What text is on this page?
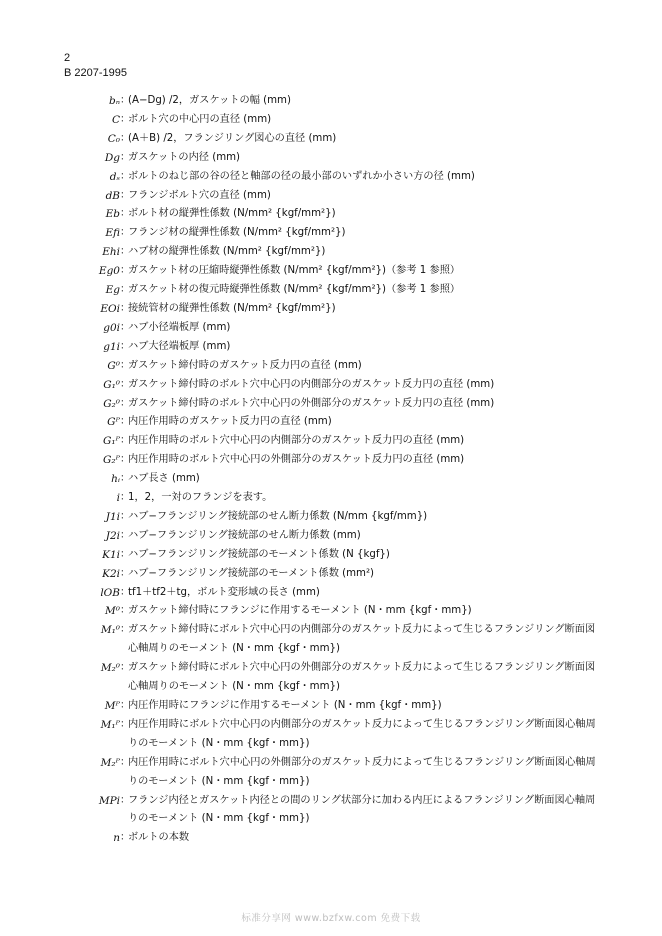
2
B 2207-1995
bₙ ：
(A−Dg) /2，ガスケットの幅 (mm)
C ：
ボルト穴の中心円の直径 (mm)
C₀ ：
(A＋B) /2，フランジリング図心の直径 (mm)
Dg ：
ガスケットの内径 (mm)
dₛ ：
ボルトのねじ部の谷の径と軸部の径の最小部のいずれか小さい方の径 (mm)
dB ：
フランジボルト穴の直径 (mm)
Eb ：
ボルト材の縦弾性係数 (N/mm² {kgf/mm²})
Efi ：
フランジ材の縦弾性係数 (N/mm² {kgf/mm²})
Ehi ：
ハブ材の縦弾性係数 (N/mm² {kgf/mm²})
Eg0 ：
ガスケット材の圧縮時縦弾性係数 (N/mm² {kgf/mm²})（参考 1 参照）
Eg ：
ガスケット材の復元時縦弾性係数 (N/mm² {kgf/mm²})（参考 1 参照）
EOi ：
接続管材の縦弾性係数 (N/mm² {kgf/mm²})
g0i ：
ハブ小径端板厚 (mm)
g1i ：
ハブ大径端板厚 (mm)
G⁰ ：
ガスケット締付時のガスケット反力円の直径 (mm)
G₁⁰ ：
ガスケット締付時のボルト穴中心円の内側部分のガスケット反力円の直径 (mm)
G₂⁰ ：
ガスケット締付時のボルト穴中心円の外側部分のガスケット反力円の直径 (mm)
Gᴾ ：
内圧作用時のガスケット反力円の直径 (mm)
G₁ᴾ ：
内圧作用時のボルト穴中心円の内側部分のガスケット反力円の直径 (mm)
G₂ᴾ ：
内圧作用時のボルト穴中心円の外側部分のガスケット反力円の直径 (mm)
hᵢ ：
ハブ長さ (mm)
i ：
1，2，一対のフランジを表す。
J1i ：
ハブ−フランジリング接続部のせん断力係数 (N/mm {kgf/mm})
J2i ：
ハブ−フランジリング接続部のせん断力係数 (mm)
K1i ：
ハブ−フランジリング接続部のモーメント係数 (N {kgf})
K2i ：
ハブ−フランジリング接続部のモーメント係数 (mm²)
lOB ：
tf1＋tf2＋tg，ボルト変形域の長さ (mm)
M⁰ ：
ガスケット締付時にフランジに作用するモーメント (N・mm {kgf・mm})
M₁⁰ ：
ガスケット締付時にボルト穴中心円の内側部分のガスケット反力によって生じるフランジリング断面図心軸周りのモーメント (N・mm {kgf・mm})
M₂⁰ ：
ガスケット締付時にボルト穴中心円の外側部分のガスケット反力によって生じるフランジリング断面図心軸周りのモーメント (N・mm {kgf・mm})
Mᴾ ：
内圧作用時にフランジに作用するモーメント (N・mm {kgf・mm})
M₁ᴾ ：
内圧作用時にボルト穴中心円の内側部分のガスケット反力によって生じるフランジリング断面図心軸周りのモーメント (N・mm {kgf・mm})
M₂ᴾ ：
内圧作用時にボルト穴中心円の外側部分のガスケット反力によって生じるフランジリング断面図心軸周りのモーメント (N・mm {kgf・mm})
MPi ：
フランジ内径とガスケット内径との間のリング状部分に加わる内圧によるフランジリング断面図心軸周りのモーメント (N・mm {kgf・mm})
n ：
ボルトの本数
标准分享网 www.bzfxw.com 免费下载
